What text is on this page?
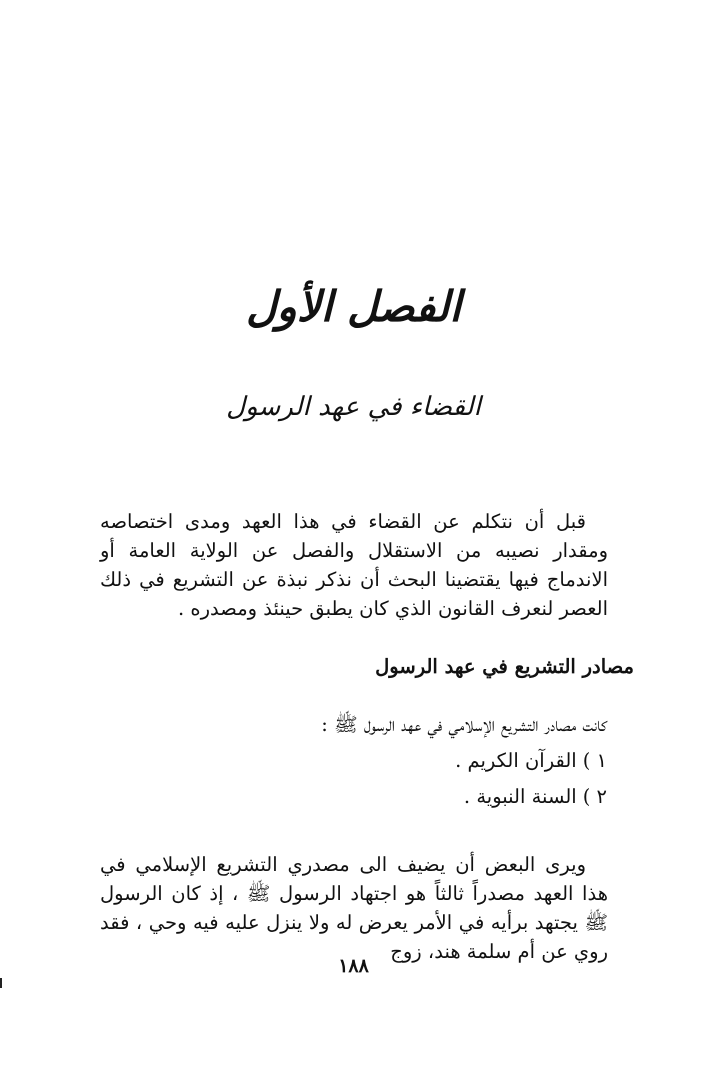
الفصل الأول
القضاء في عهد الرسول

قبل أن نتكلم عن القضاء في هذا العهد ومدى اختصاصه ومقدار نصيبه من الاستقلال والفصل عن الولاية العامة أو الاندماج فيها يقتضينا البحث أن نذكر نبذة عن التشريع في ذلك العصر لنعرف القانون الذي كان يطبق حينئذ ومصدره .

مصادر التشريع في عهد الرسول
كانت مصادر التشريع الإسلامي في عهد الرسول ﷺ :
١ )القرآن الكريم .
٢ )السنة النبوية .

ويرى البعض أن يضيف الى مصدري التشريع الإسلامي في هذا العهد مصدراً ثالثاً هو اجتهاد الرسول ﷺ ، إذ كان الرسول ﷺ يجتهد برأيه في الأمر يعرض له ولا ينزل عليه فيه وحي ، فقد روي عن أم سلمة هند، زوج

١٨٨
